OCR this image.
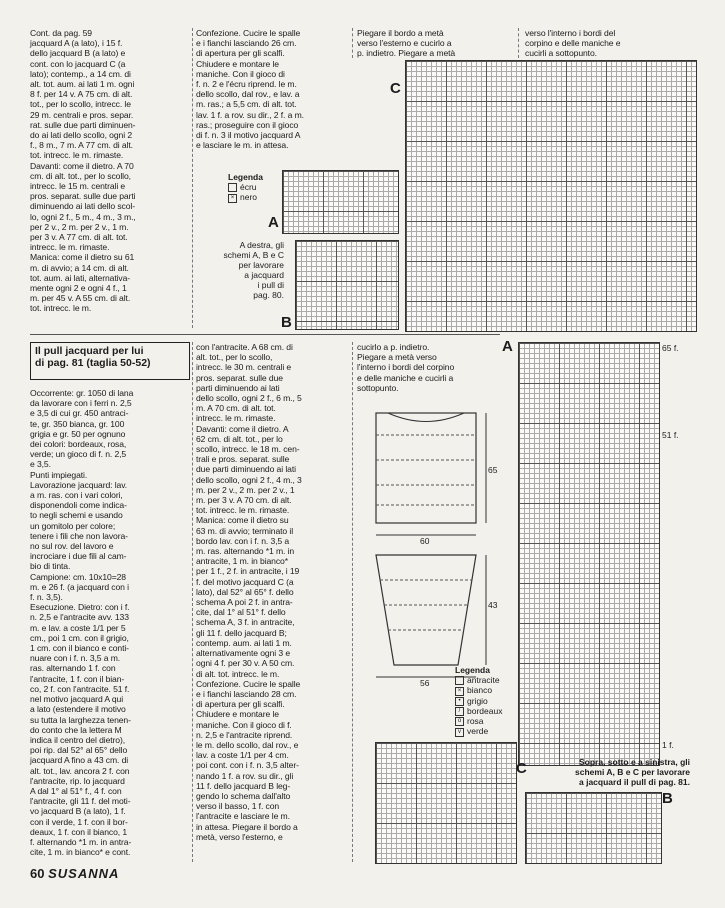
Cont. da pag. 59
jacquard A (a lato), i 15 f.
dello jacquard B (a lato) e
cont. con lo jacquard C (a
lato); contemp., a 14 cm. di
alt. tot. aum. ai lati 1 m. ogni
8 f. per 14 v. A 75 cm. di alt.
tot., per lo scollo, intrecc. le
29 m. centrali e pros. separ.
rat. sulle due parti diminuen-
do ai lati dello scollo, ogni 2
f., 8 m., 7 m. A 77 cm. di alt.
tot. intrecc. le m. rimaste.
Davanti: come il dietro. A 70
cm. di alt. tot., per lo scollo,
intrecc. le 15 m. centrali e
pros. separat. sulle due parti
diminuendo ai lati dello scol-
lo, ogni 2 f., 5 m., 4 m., 3 m.,
per 2 v., 2 m. per 2 v., 1 m.
per 3 v. A 77 cm. di alt. tot.
intrecc. le m. rimaste.
Manica: come il dietro su 61
m. di avvio; a 14 cm. di alt.
tot. aum. ai lati, alternativa-
mente ogni 2 e ogni 4 f., 1
m. per 45 v. A 55 cm. di alt.
tot. intrecc. le m.
Confezione. Cucire le spalle
e i fianchi lasciando 26 cm.
di apertura per gli scalfi.
Chiudere e montare le
maniche. Con il gioco di
f. n. 2 e l'écru riprend. le m.
dello scollo, dal rov., e lav. a
m. ras.; a 5,5 cm. di alt. tot.
lav. 1 f. a rov. su dir., 2 f. a m.
ras.; proseguire con il gioco
di f. n. 3 il motivo jacquard A
e lasciare le m. in attesa.
Piegare il bordo a metà
verso l'esterno e cucirlo a
p. indietro. Piegare a metà
verso l'interno i bordi del
corpino e delle maniche e
cucirli a sottopunto.
C
Legenda
écru
× nero
A
A destra, gli
schemi A, B e C
per lavorare
a jacquard
i pull di
pag. 80.
B
Il pull jacquard per lui
di pag. 81 (taglia 50-52)
Occorrente: gr. 1050 di lana
da lavorare con i ferri n. 2,5
e 3,5 di cui gr. 450 antraci-
te, gr. 350 bianca, gr. 100
grigia e gr. 50 per ognuno
dei colori: bordeaux, rosa,
verde; un gioco di f. n. 2,5
e 3,5.
Punti impiegati.
Lavorazione jacquard: lav.
a m. ras. con i vari colori,
disponendoli come indica-
to negli schemi e usando
un gomitolo per colore;
tenere i fili che non lavora-
no sul rov. del lavoro e
incrociare i due fili al cam-
bio di tinta.
Campione: cm. 10x10=28
m. e 26 f. (a jacquard con i
f. n. 3,5).
Esecuzione. Dietro: con i f.
n. 2,5 e l'antracite avv. 133
m. e lav. a coste 1/1 per 5
cm., poi 1 cm. con il grigio,
1 cm. con il bianco e conti-
nuare con i f. n. 3,5 a m.
ras. alternando 1 f. con
l'antracite, 1 f. con il bian-
co, 2 f. con l'antracite. 51 f.
nel motivo jacquard A qui
a lato (estendere il motivo
su tutta la larghezza tenen-
do conto che la lettera M
indica il centro del dietro),
poi rip. dal 52° al 65° dello
jacquard A fino a 43 cm. di
alt. tot., lav. ancora 2 f. con
l'antracite, rip. lo jacquard
A dal 1° al 51° f., 4 f. con
l'antracite, gli 11 f. del moti-
vo jacquard B (a lato), 1 f.
con il verde, 1 f. con il bor-
deaux, 1 f. con il bianco, 1
f. alternando *1 m. in antra-
cite, 1 m. in bianco* e cont.
con l'antracite. A 68 cm. di
alt. tot., per lo scollo,
intrecc. le 30 m. centrali e
pros. separat. sulle due
parti diminuendo ai lati
dello scollo, ogni 2 f., 6 m., 5
m. A 70 cm. di alt. tot.
intrecc. le m. rimaste.
Davanti: come il dietro. A
62 cm. di alt. tot., per lo
scollo, intrecc. le 18 m. cen-
trali e pros. separat. sulle
due parti diminuendo ai lati
dello scollo, ogni 2 f., 4 m., 3
m. per 2 v., 2 m. per 2 v., 1
m. per 3 v. A 70 cm. di alt.
tot. intrecc. le m. rimaste.
Manica: come il dietro su
63 m. di avvio; terminato il
bordo lav. con i f. n. 3,5 a
m. ras. alternando *1 m. in
antracite, 1 m. in bianco*
per 1 f., 2 f. in antracite, i 19
f. del motivo jacquard C (a
lato), dal 52° al 65° f. dello
schema A poi 2 f. in antra-
cite, dal 1° al 51° f. dello
schema A, 3 f. in antracite,
gli 11 f. dello jacquard B;
contemp. aum. ai lati 1 m.
alternativamente ogni 3 e
ogni 4 f. per 30 v. A 50 cm.
di alt. tot. intrecc. le m.
Confezione. Cucire le spalle
e i fianchi lasciando 28 cm.
di apertura per gli scalfi.
Chiudere e montare le
maniche. Con il gioco di f.
n. 2,5 e l'antracite riprend.
le m. dello scollo, dal rov., e
lav. a coste 1/1 per 4 cm.
poi cont. con i f. n. 3,5 alter-
nando 1 f. a rov. su dir., gli
11 f. dello jacquard B leg-
gendo lo schema dall'alto
verso il basso, 1 f. con
l'antracite e lasciare le m.
in attesa. Piegare il bordo a
metà, verso l'esterno, e
cucirlo a p. indietro.
Piegare a metà verso
l'interno i bordi del corpino
e delle maniche e cucirli a
sottopunto.
60
65
56
43
A	65 f.
51 f.
1 f.
Legenda
antracite
× bianco
• grigio
/ bordeaux
o rosa
v verde
C	Sopra, sotto e a sinistra, gli
schemi A, B e C per lavorare
a jacquard il pull di pag. 81.
B
60 SUSANNA
